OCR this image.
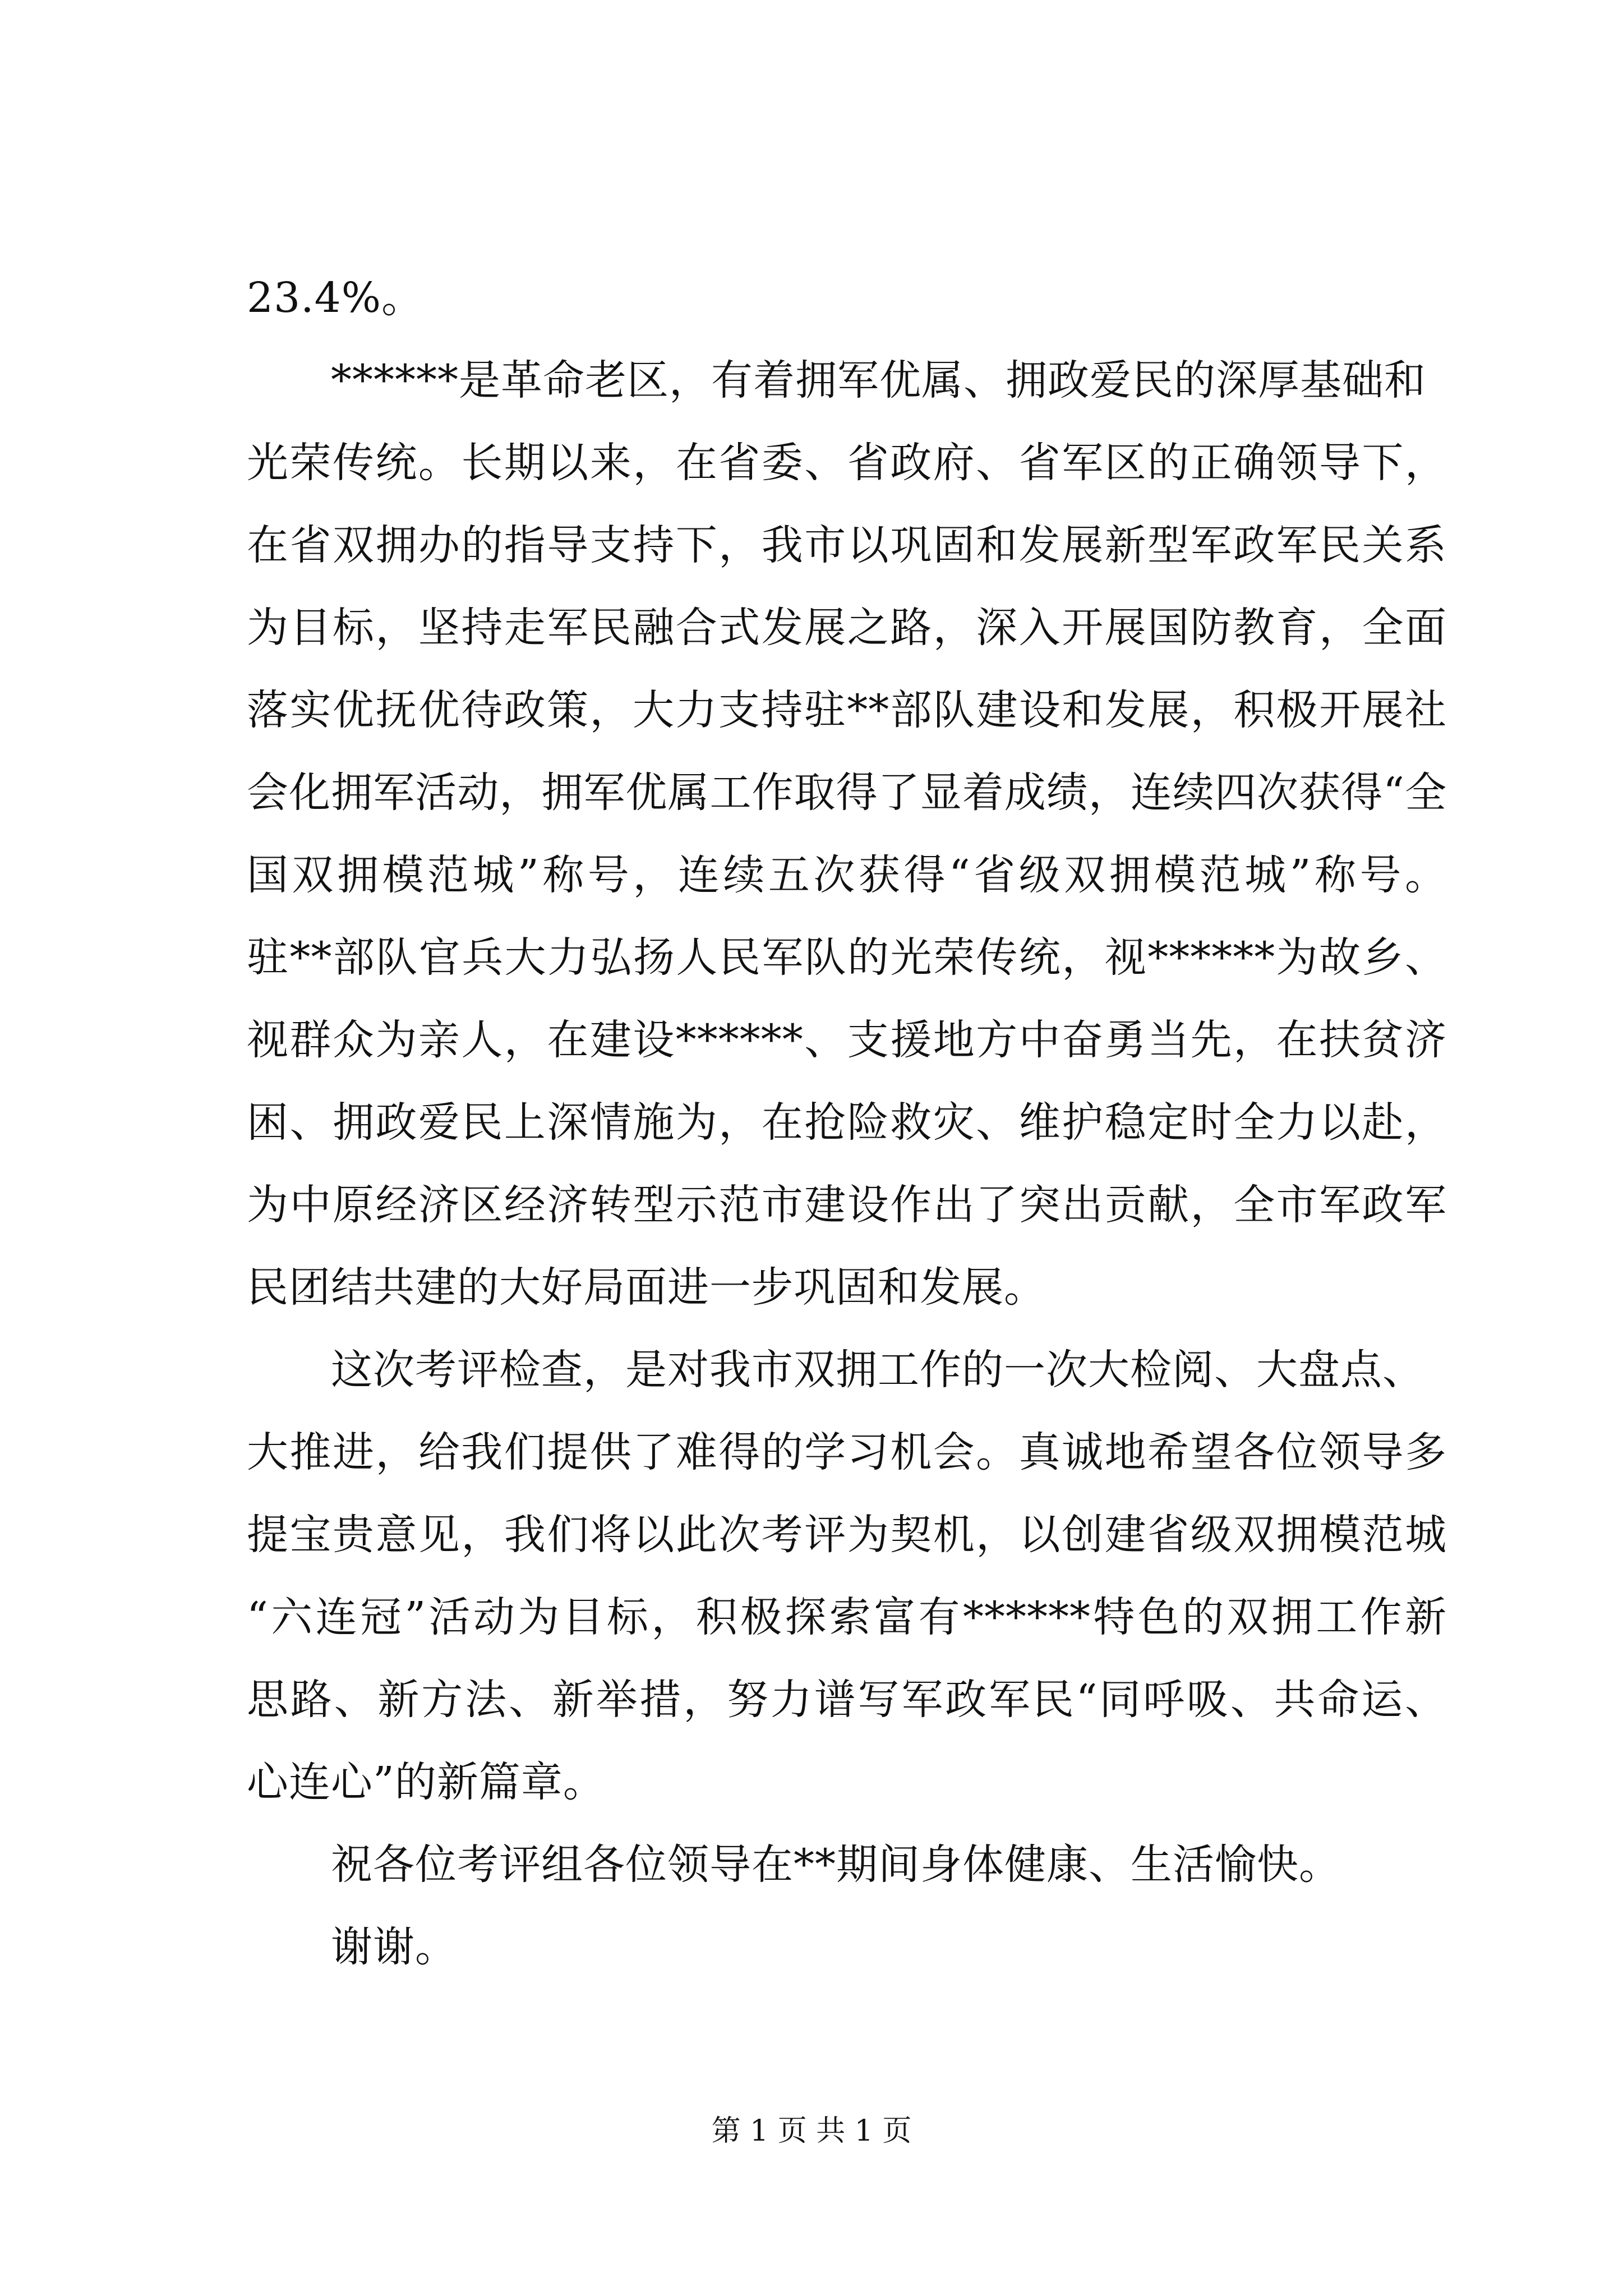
23.4%。
******是革命老区，有着拥军优属、拥政爱民的深厚基础和
光荣传统。长期以来，在省委、省政府、省军区的正确领导下，
在省双拥办的指导支持下，我市以巩固和发展新型军政军民关系
为目标，坚持走军民融合式发展之路，深入开展国防教育，全面
落实优抚优待政策，大力支持驻**部队建设和发展，积极开展社
会化拥军活动，拥军优属工作取得了显着成绩，连续四次获得“全
国双拥模范城”称号，连续五次获得“省级双拥模范城”称号。
驻**部队官兵大力弘扬人民军队的光荣传统，视******为故乡、
视群众为亲人，在建设******、支援地方中奋勇当先，在扶贫济
困、拥政爱民上深情施为，在抢险救灾、维护稳定时全力以赴，
为中原经济区经济转型示范市建设作出了突出贡献，全市军政军
民团结共建的大好局面进一步巩固和发展。
这次考评检查，是对我市双拥工作的一次大检阅、大盘点、
大推进，给我们提供了难得的学习机会。真诚地希望各位领导多
提宝贵意见，我们将以此次考评为契机，以创建省级双拥模范城
“六连冠”活动为目标，积极探索富有******特色的双拥工作新
思路、新方法、新举措，努力谱写军政军民“同呼吸、共命运、
心连心”的新篇章。
祝各位考评组各位领导在**期间身体健康、生活愉快。
谢谢。
第 1 页 共 1 页
